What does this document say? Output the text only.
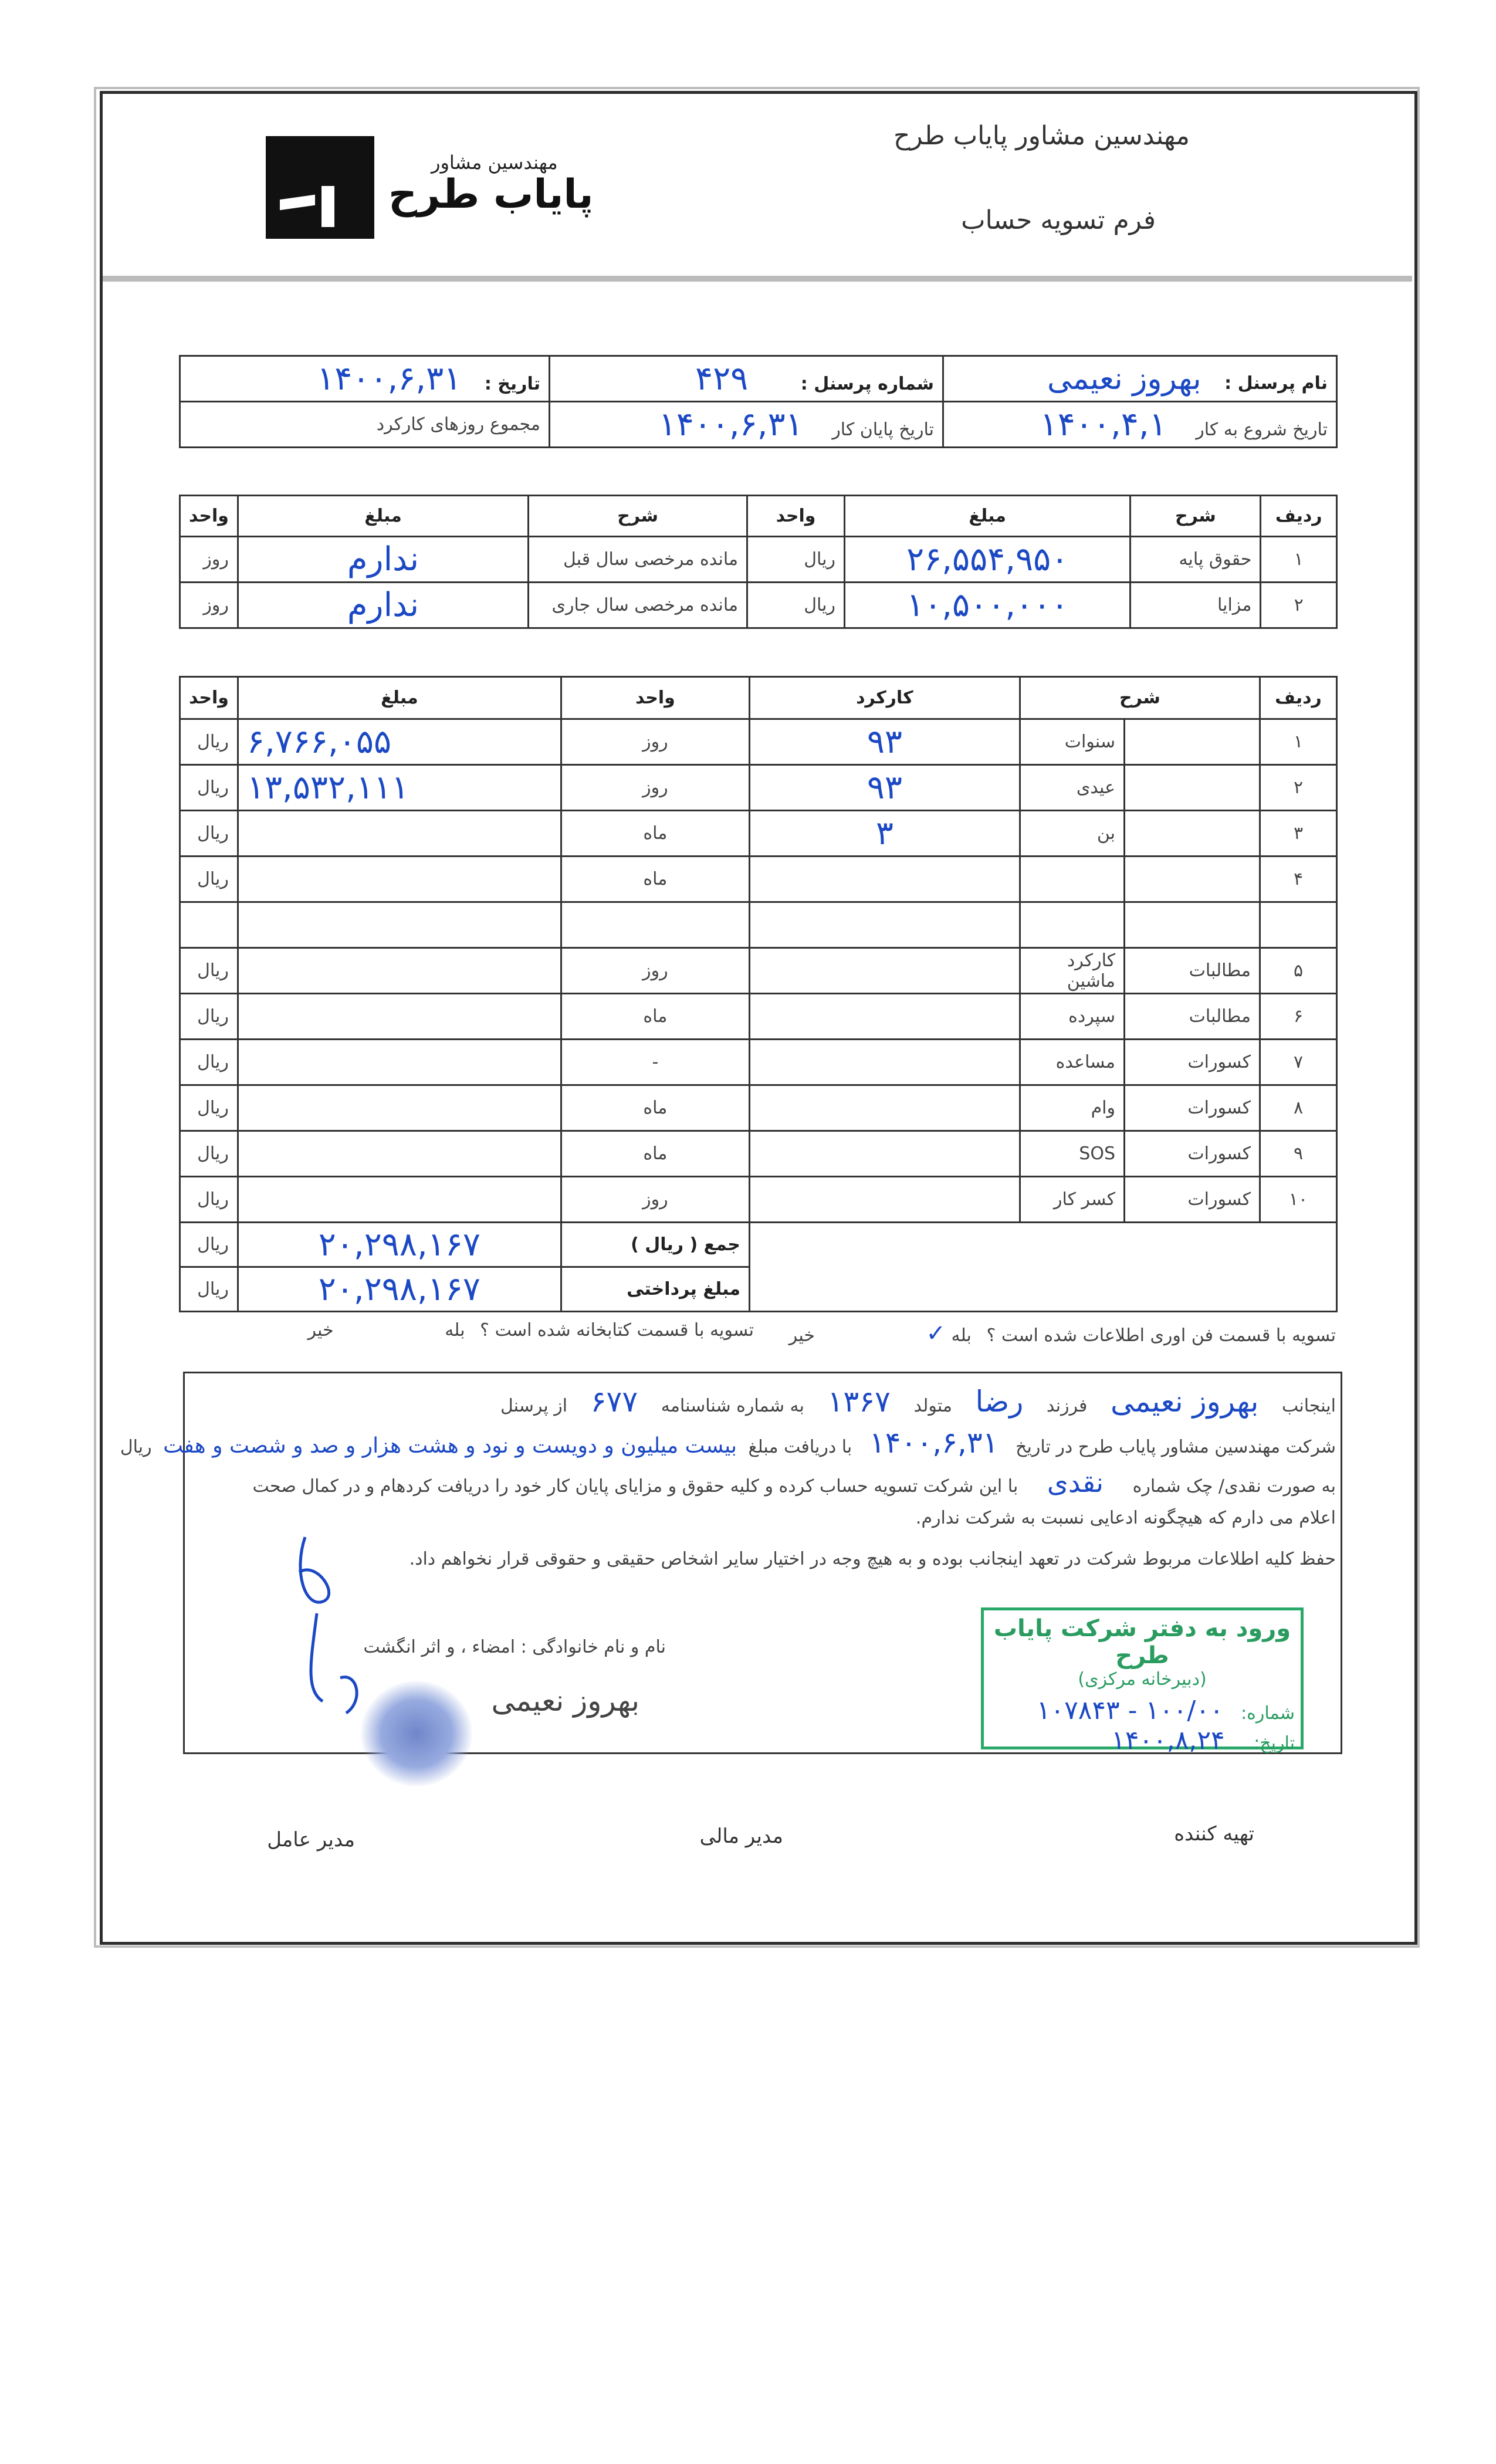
مهندسین مشاور
پایاب طرح
مهندسین مشاور پایاب طرح
فرم تسویه حساب
نام پرسنل : بهروز نعیمی	شماره پرسنل : ۴۲۹	تاریخ : ۱۴۰۰,۶,۳۱
تاریخ شروع به کار ۱۴۰۰,۴,۱	تاریخ پایان کار ۱۴۰۰,۶,۳۱	مجموع روزهای کارکرد
ردیف	شرح	مبلغ	واحد	شرح	مبلغ	واحد
۱	حقوق پایه	۲۶,۵۵۴,۹۵۰	ریال	مانده مرخصی سال قبل	ندارم	روز
۲	مزایا	۱۰,۵۰۰,۰۰۰	ریال	مانده مرخصی سال جاری	ندارم	روز
ردیف	شرح		کارکرد	واحد	مبلغ	واحد
۱		سنوات	۹۳	روز	۶,۷۶۶,۰۵۵	ریال
۲		عیدی	۹۳	روز	۱۳,۵۳۲,۱۱۱	ریال
۳		بن	۳	ماه		ریال
۴				ماه		ریال

۵	مطالبات	کارکرد ماشین		روز		ریال
۶	مطالبات	سپرده		ماه		ریال
۷	کسورات	مساعده		-		ریال
۸	کسورات	وام		ماه		ریال
۹	کسورات	SOS		ماه		ریال
۱۰	کسورات	کسر کار		روز		ریال
				جمع ( ریال )	۲۰,۲۹۸,۱۶۷	ریال
				مبلغ پرداختی	۲۰,۲۹۸,۱۶۷	ریال
تسویه با قسمت فن اوری اطلاعات شده است ؟ بله ✓ خیر
تسویه با قسمت کتابخانه شده است ؟ بله خیر
اینجانب بهروز نعیمی فرزند رضا متولد ۱۳۶۷ به شماره شناسنامه ۶۷۷ از پرسنل
شرکت مهندسین مشاور پایاب طرح در تاریخ ۱۴۰۰,۶,۳۱ با دریافت مبلغ بیست میلیون و دویست و نود و هشت هزار و صد و شصت و هفت ریال
به صورت نقدی/ چک شماره نقدی با این شرکت تسویه حساب کرده و کلیه حقوق و مزایای پایان کار خود را دریافت کردهام و در کمال صحت
اعلام می دارم که هیچگونه ادعایی نسبت به شرکت ندارم.
حفظ کلیه اطلاعات مربوط شرکت در تعهد اینجانب بوده و به هیچ وجه در اختیار سایر اشخاص حقیقی و حقوقی قرار نخواهم داد.
نام و نام خانوادگی : امضاء ، و اثر انگشت
بهروز نعیمی
ورود به دفتر شرکت پایاب طرح
(دبیرخانه مرکزی)
شماره: ۱۰۰/۰۰ - ۱۰۷۸۴۳
تاریخ: ۱۴۰۰,۸,۲۴
تهیه کننده
مدیر مالی
مدیر عامل
